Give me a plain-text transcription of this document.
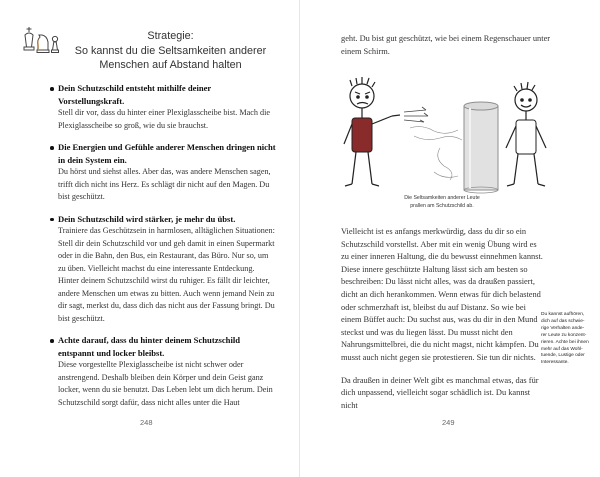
Strategie:
So kannst du die Seltsamkeiten anderer
Menschen auf Abstand halten
Dein Schutzschild entsteht mithilfe deiner Vorstellungskraft.
Stell dir vor, dass du hinter einer Plexiglasscheibe bist. Mach die Plexiglasscheibe so groß, wie du sie brauchst.
Die Energien und Gefühle anderer Menschen dringen nicht in dein System ein.
Du hörst und siehst alles. Aber das, was andere Menschen sagen, trifft dich nicht ins Herz. Es schlägt dir nicht auf den Magen. Du bist geschützt.
Dein Schutzschild wird stärker, je mehr du übst.
Trainiere das Geschützsein in harmlosen, alltäglichen Situationen: Stell dir dein Schutzschild vor und geh damit in einen Supermarkt oder in die Bahn, den Bus, ein Restaurant, das Büro. Nur so, um zu üben. Vielleicht machst du eine interessante Entdeckung. Hinter deinem Schutzschild wirst du ruhiger. Es fällt dir leichter, andere Menschen um etwas zu bitten. Auch wenn jemand Nein zu dir sagt, merkst du, dass dich das nicht aus der Fassung bringt. Du bist geschützt.
Achte darauf, dass du hinter deinem Schutzschild entspannt und locker bleibst.
Diese vorgestellte Plexiglasscheibe ist nicht schwer oder anstrengend. Deshalb bleiben dein Körper und dein Geist ganz locker, wenn du sie benutzt. Das Leben lebt um dich herum. Dein Schutzschild sorgt dafür, dass nicht alles unter die Haut
248
geht. Du bist gut geschützt, wie bei einem Regenschauer unter einem Schirm.
Die Seltsamkeiten anderer Leute
prallen am Schutzschild ab.

Vielleicht ist es anfangs merkwürdig, dass du dir so ein Schutzschild vorstellst. Aber mit ein wenig Übung wird es zu einer inneren Haltung, die du bewusst einnehmen kannst. Diese innere geschützte Haltung lässt sich am besten so beschreiben: Du lässt nicht alles, was da draußen passiert, dicht an dich herankommen. Wenn etwas für dich belastend oder schmerzhaft ist, bleibst du auf Distanz. So wie bei einem Büffet auch: Du suchst aus, was du dir in den Mund steckst und was du liegen lässt. Du musst nicht den Nahrungsmittelbrei, die du nicht magst, nicht kämpfen. Du musst auch nicht gegen sie protestieren. Sie tun dir nichts.

Da draußen in deiner Welt gibt es manchmal etwas, das für dich unpassend, vielleicht sogar schädlich ist. Du kannst nicht

Du kannst aufhören,
dich auf das schwie-
rige Verhalten ande-
rer Leute zu konzent-
rieren. Achte bei ihnen
mehr auf das Wohl-
tuende, Lustige oder
Interessante.
249
